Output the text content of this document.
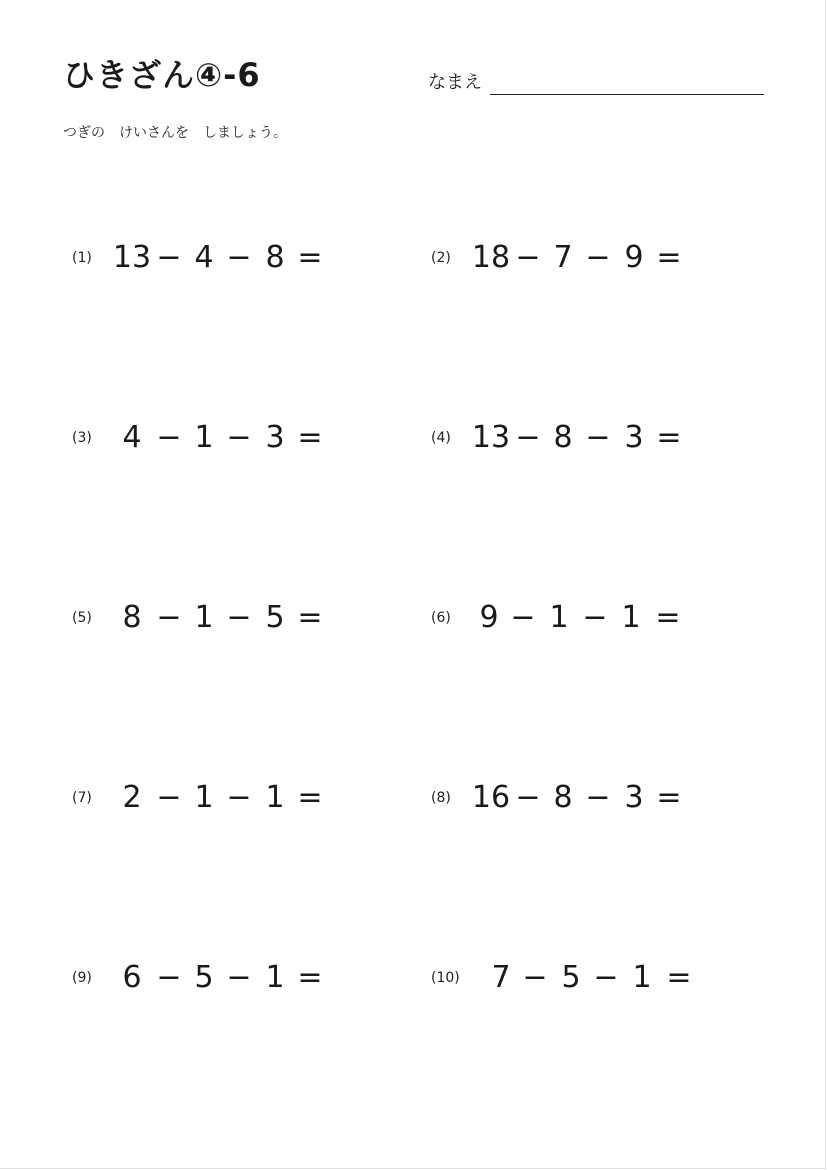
ひきざん④-6	なまえ
つぎの　けいさんを　しましょう。
(1) 13 − 4 − 8 =	(2) 18 − 7 − 9 =
(3)	4 − 1 − 3 =	(4) 13 − 8 − 3 =
(5)	8 − 1 − 5 =	(6) 9 − 1 − 1 =
(7)	2 − 1 − 1 =	(8) 16 − 8 − 3 =
(9)	6 − 5 − 1 =	(10)	7 − 5 − 1 =
